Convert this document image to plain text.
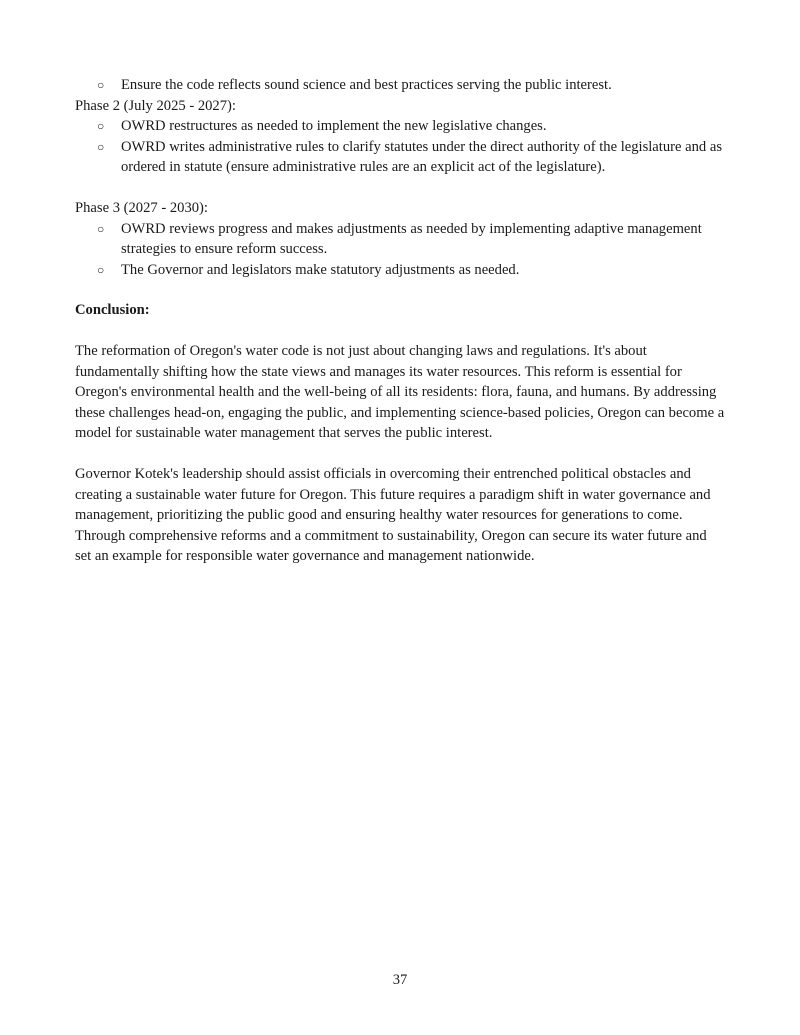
○ Ensure the code reflects sound science and best practices serving the public interest.

Phase 2 (July 2025 - 2027):

○ OWRD restructures as needed to implement the new legislative changes.
○ OWRD writes administrative rules to clarify statutes under the direct authority of the legislature and as ordered in statute (ensure administrative rules are an explicit act of the legislature).

Phase 3 (2027 - 2030):

○ OWRD reviews progress and makes adjustments as needed by implementing adaptive management strategies to ensure reform success.
○ The Governor and legislators make statutory adjustments as needed.

Conclusion:

The reformation of Oregon's water code is not just about changing laws and regulations. It's about fundamentally shifting how the state views and manages its water resources. This reform is essential for Oregon's environmental health and the well-being of all its residents: flora, fauna, and humans. By addressing these challenges head-on, engaging the public, and implementing science-based policies, Oregon can become a model for sustainable water management that serves the public interest.

Governor Kotek's leadership should assist officials in overcoming their entrenched political obstacles and creating a sustainable water future for Oregon. This future requires a paradigm shift in water governance and management, prioritizing the public good and ensuring healthy water resources for generations to come. Through comprehensive reforms and a commitment to sustainability, Oregon can secure its water future and set an example for responsible water governance and management nationwide.

37
